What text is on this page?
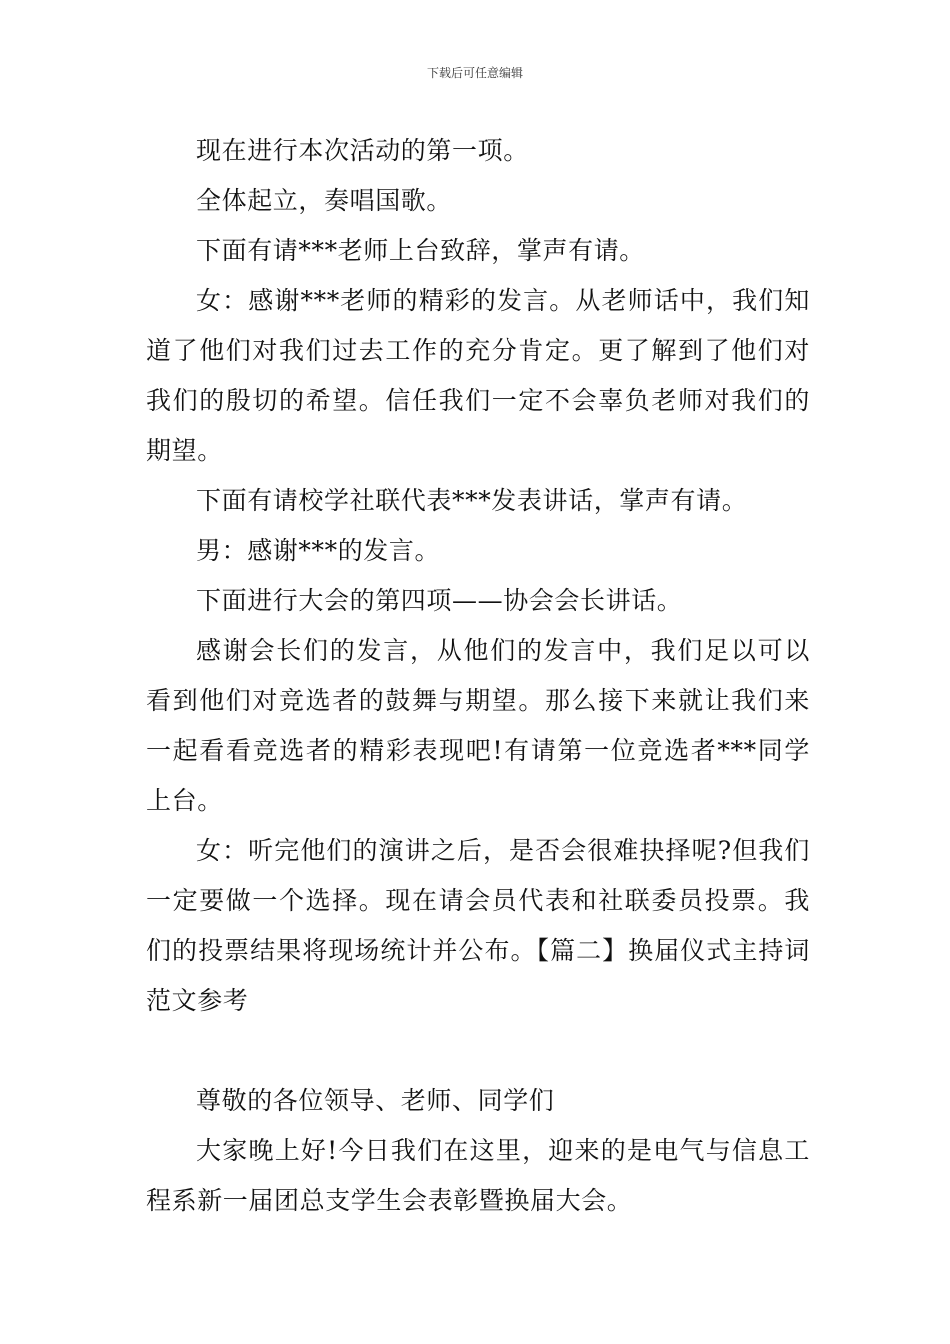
下载后可任意编辑

现在进行本次活动的第一项。

全体起立，奏唱国歌。

下面有请***老师上台致辞，掌声有请。

女：感谢***老师的精彩的发言。从老师话中，我们知道了他们对我们过去工作的充分肯定。更了解到了他们对我们的殷切的希望。信任我们一定不会辜负老师对我们的期望。

下面有请校学社联代表***发表讲话，掌声有请。

男：感谢***的发言。

下面进行大会的第四项——协会会长讲话。

感谢会长们的发言，从他们的发言中，我们足以可以看到他们对竞选者的鼓舞与期望。那么接下来就让我们来一起看看竞选者的精彩表现吧!有请第一位竞选者***同学上台。

女：听完他们的演讲之后，是否会很难抉择呢?但我们一定要做一个选择。现在请会员代表和社联委员投票。我们的投票结果将现场统计并公布。【篇二】换届仪式主持词范文参考

尊敬的各位领导、老师、同学们

大家晚上好!今日我们在这里，迎来的是电气与信息工程系新一届团总支学生会表彰暨换届大会。
